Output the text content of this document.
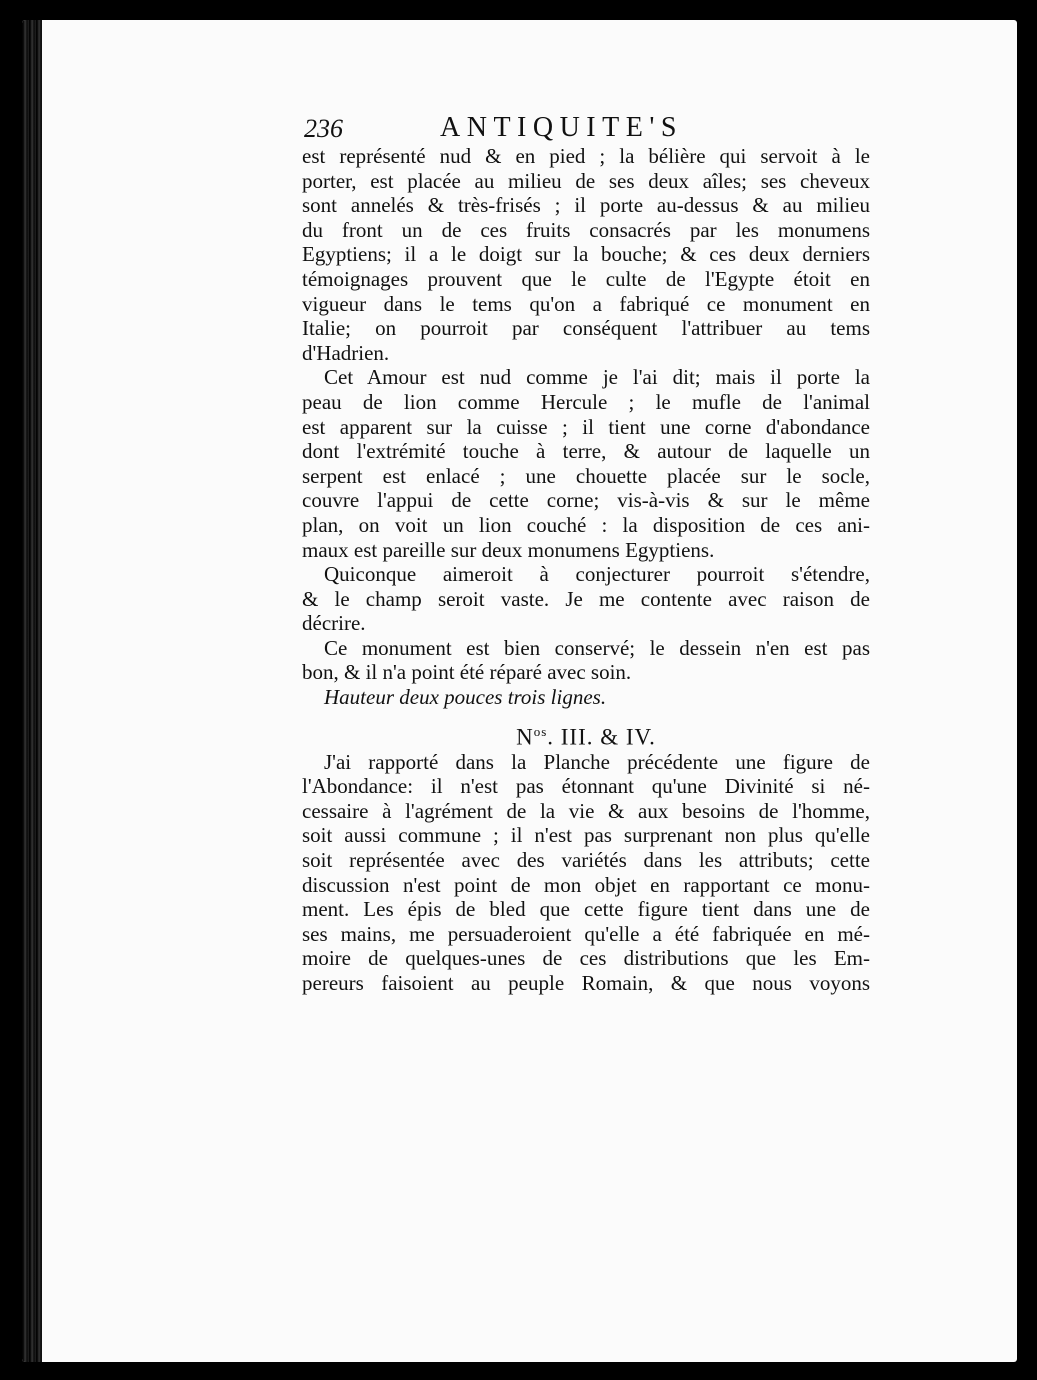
236	ANTIQUITE'S
est représenté nud & en pied ; la bélière qui servoit à le
porter, est placée au milieu de ses deux aîles; ses cheveux
sont annelés & très-frisés ; il porte au-dessus & au milieu
du front un de ces fruits consacrés par les monumens
Egyptiens; il a le doigt sur la bouche; & ces deux derniers
témoignages prouvent que le culte de l'Egypte étoit en
vigueur dans le tems qu'on a fabriqué ce monument en
Italie; on pourroit par conséquent l'attribuer au tems
d'Hadrien.
Cet Amour est nud comme je l'ai dit; mais il porte la
peau de lion comme Hercule ; le mufle de l'animal
est apparent sur la cuisse ; il tient une corne d'abondance
dont l'extrémité touche à terre, & autour de laquelle un
serpent est enlacé ; une chouette placée sur le socle,
couvre l'appui de cette corne; vis-à-vis & sur le même
plan, on voit un lion couché : la disposition de ces ani-
maux est pareille sur deux monumens Egyptiens.
Quiconque aimeroit à conjecturer pourroit s'étendre,
& le champ seroit vaste. Je me contente avec raison de
décrire.
Ce monument est bien conservé; le dessein n'en est pas
bon, & il n'a point été réparé avec soin.
Hauteur deux pouces trois lignes.
$N^{os}$. III. & IV.
J'ai rapporté dans la Planche précédente une figure de
l'Abondance: il n'est pas étonnant qu'une Divinité si né-
cessaire à l'agrément de la vie & aux besoins de l'homme,
soit aussi commune ; il n'est pas surprenant non plus qu'elle
soit représentée avec des variétés dans les attributs; cette
discussion n'est point de mon objet en rapportant ce monu-
ment. Les épis de bled que cette figure tient dans une de
ses mains, me persuaderoient qu'elle a été fabriquée en mé-
moire de quelques-unes de ces distributions que les Em-
pereurs faisoient au peuple Romain, & que nous voyons
